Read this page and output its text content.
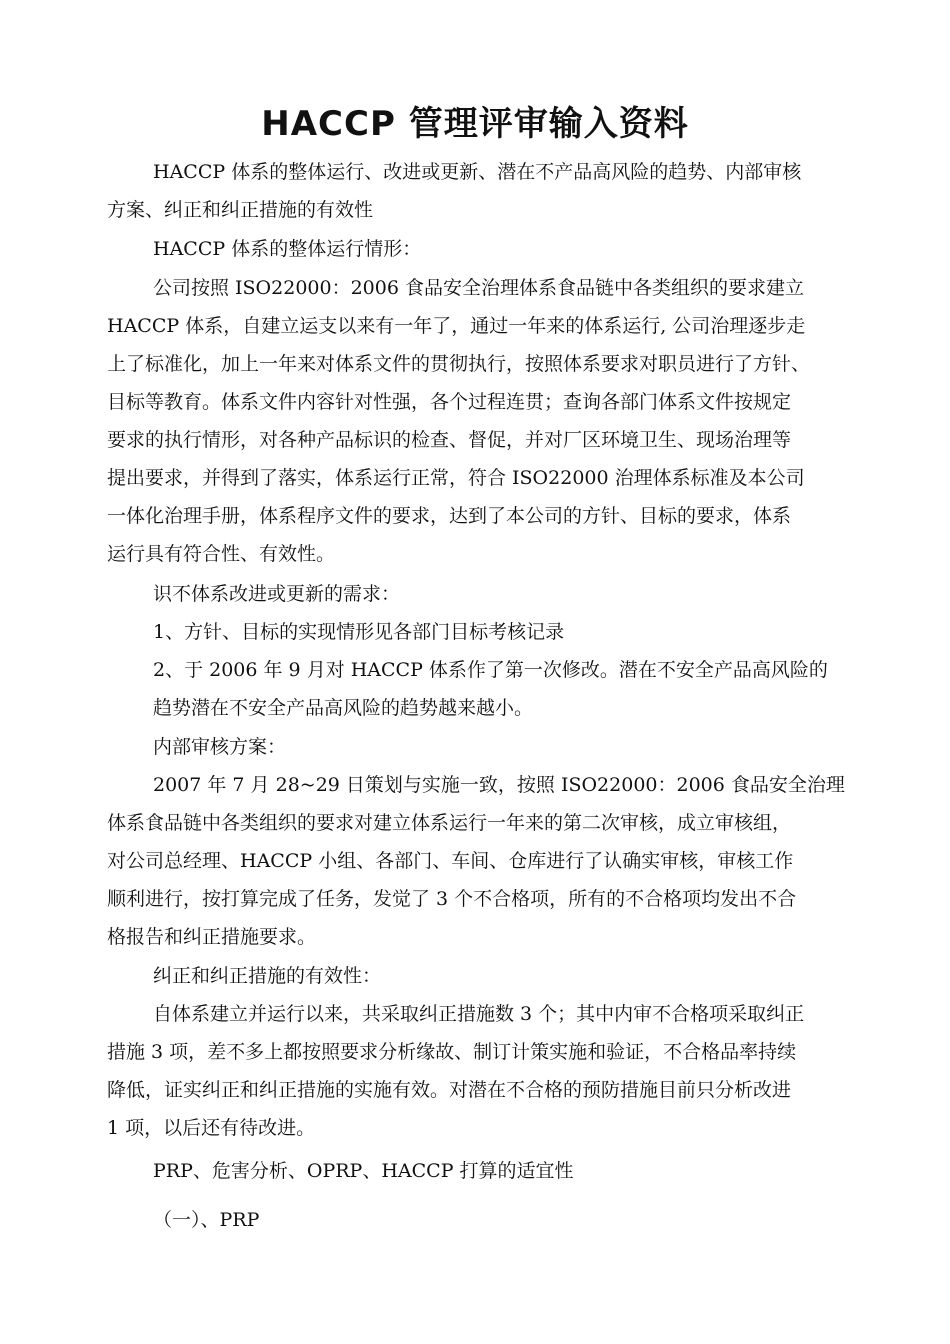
HACCP 管理评审输入资料
HACCP 体系的整体运行、改进或更新、潜在不产品高风险的趋势、内部审核
方案、纠正和纠正措施的有效性
HACCP 体系的整体运行情形：
公司按照 ISO22000：2006 食品安全治理体系食品链中各类组织的要求建立
HACCP 体系，自建立运支以来有一年了，通过一年来的体系运行, 公司治理逐步走
上了标准化，加上一年来对体系文件的贯彻执行，按照体系要求对职员进行了方针、
目标等教育。体系文件内容针对性强，各个过程连贯；查询各部门体系文件按规定
要求的执行情形，对各种产品标识的检查、督促，并对厂区环境卫生、现场治理等
提出要求，并得到了落实，体系运行正常，符合 ISO22000 治理体系标准及本公司
一体化治理手册，体系程序文件的要求，达到了本公司的方针、目标的要求，体系
运行具有符合性、有效性。
识不体系改进或更新的需求：
1、方针、目标的实现情形见各部门目标考核记录
2、于 2006 年 9 月对 HACCP 体系作了第一次修改。潜在不安全产品高风险的
趋势潜在不安全产品高风险的趋势越来越小。
内部审核方案：
2007 年 7 月 28~29 日策划与实施一致，按照 ISO22000：2006 食品安全治理
体系食品链中各类组织的要求对建立体系运行一年来的第二次审核，成立审核组，
对公司总经理、HACCP 小组、各部门、车间、仓库进行了认确实审核，审核工作
顺利进行，按打算完成了任务，发觉了 3 个不合格项，所有的不合格项均发出不合
格报告和纠正措施要求。
纠正和纠正措施的有效性：
自体系建立并运行以来，共采取纠正措施数 3 个；其中内审不合格项采取纠正
措施 3 项，差不多上都按照要求分析缘故、制订计策实施和验证，不合格品率持续
降低，证实纠正和纠正措施的实施有效。对潜在不合格的预防措施目前只分析改进
1 项，以后还有待改进。
PRP、危害分析、OPRP、HACCP 打算的适宜性
（一）、PRP
